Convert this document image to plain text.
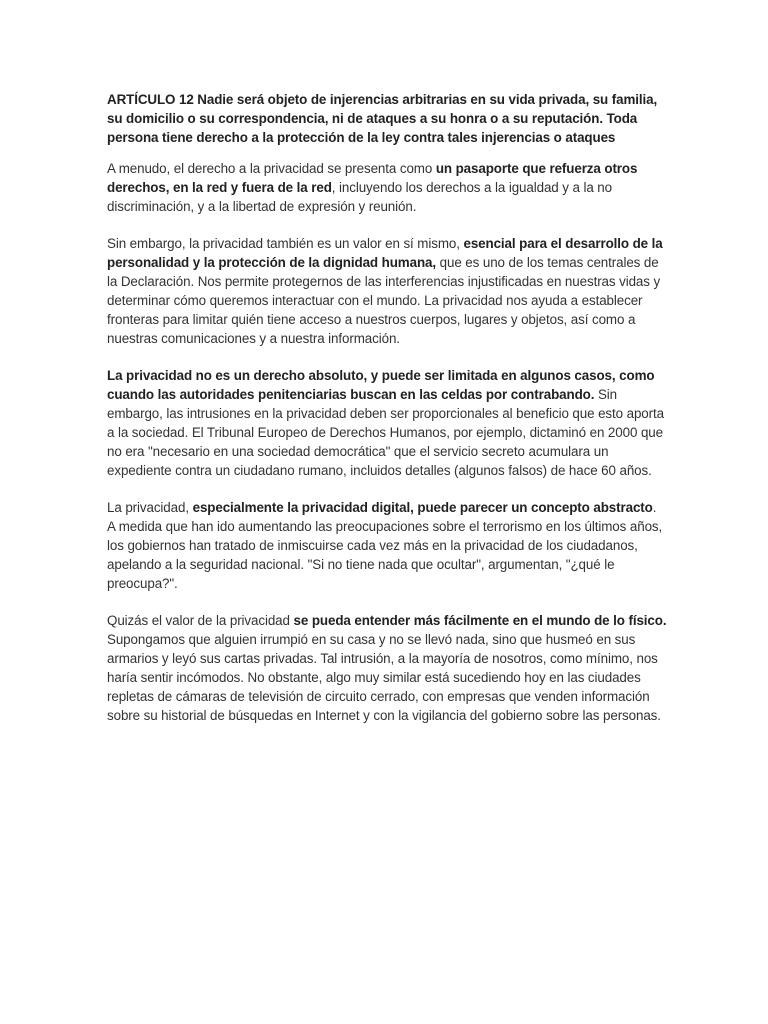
ARTÍCULO 12 Nadie será objeto de injerencias arbitrarias en su vida privada, su familia, su domicilio o su correspondencia, ni de ataques a su honra o a su reputación. Toda persona tiene derecho a la protección de la ley contra tales injerencias o ataques

A menudo, el derecho a la privacidad se presenta como un pasaporte que refuerza otros derechos, en la red y fuera de la red, incluyendo los derechos a la igualdad y a la no discriminación, y a la libertad de expresión y reunión.

Sin embargo, la privacidad también es un valor en sí mismo, esencial para el desarrollo de la personalidad y la protección de la dignidad humana, que es uno de los temas centrales de la Declaración. Nos permite protegernos de las interferencias injustificadas en nuestras vidas y determinar cómo queremos interactuar con el mundo. La privacidad nos ayuda a establecer fronteras para limitar quién tiene acceso a nuestros cuerpos, lugares y objetos, así como a nuestras comunicaciones y a nuestra información.

La privacidad no es un derecho absoluto, y puede ser limitada en algunos casos, como cuando las autoridades penitenciarias buscan en las celdas por contrabando. Sin embargo, las intrusiones en la privacidad deben ser proporcionales al beneficio que esto aporta a la sociedad. El Tribunal Europeo de Derechos Humanos, por ejemplo, dictaminó en 2000 que no era "necesario en una sociedad democrática" que el servicio secreto acumulara un expediente contra un ciudadano rumano, incluidos detalles (algunos falsos) de hace 60 años.

La privacidad, especialmente la privacidad digital, puede parecer un concepto abstracto. A medida que han ido aumentando las preocupaciones sobre el terrorismo en los últimos años, los gobiernos han tratado de inmiscuirse cada vez más en la privacidad de los ciudadanos, apelando a la seguridad nacional. "Si no tiene nada que ocultar", argumentan, "¿qué le preocupa?".

Quizás el valor de la privacidad se pueda entender más fácilmente en el mundo de lo físico. Supongamos que alguien irrumpió en su casa y no se llevó nada, sino que husmeó en sus armarios y leyó sus cartas privadas. Tal intrusión, a la mayoría de nosotros, como mínimo, nos haría sentir incómodos. No obstante, algo muy similar está sucediendo hoy en las ciudades repletas de cámaras de televisión de circuito cerrado, con empresas que venden información sobre su historial de búsquedas en Internet y con la vigilancia del gobierno sobre las personas.
